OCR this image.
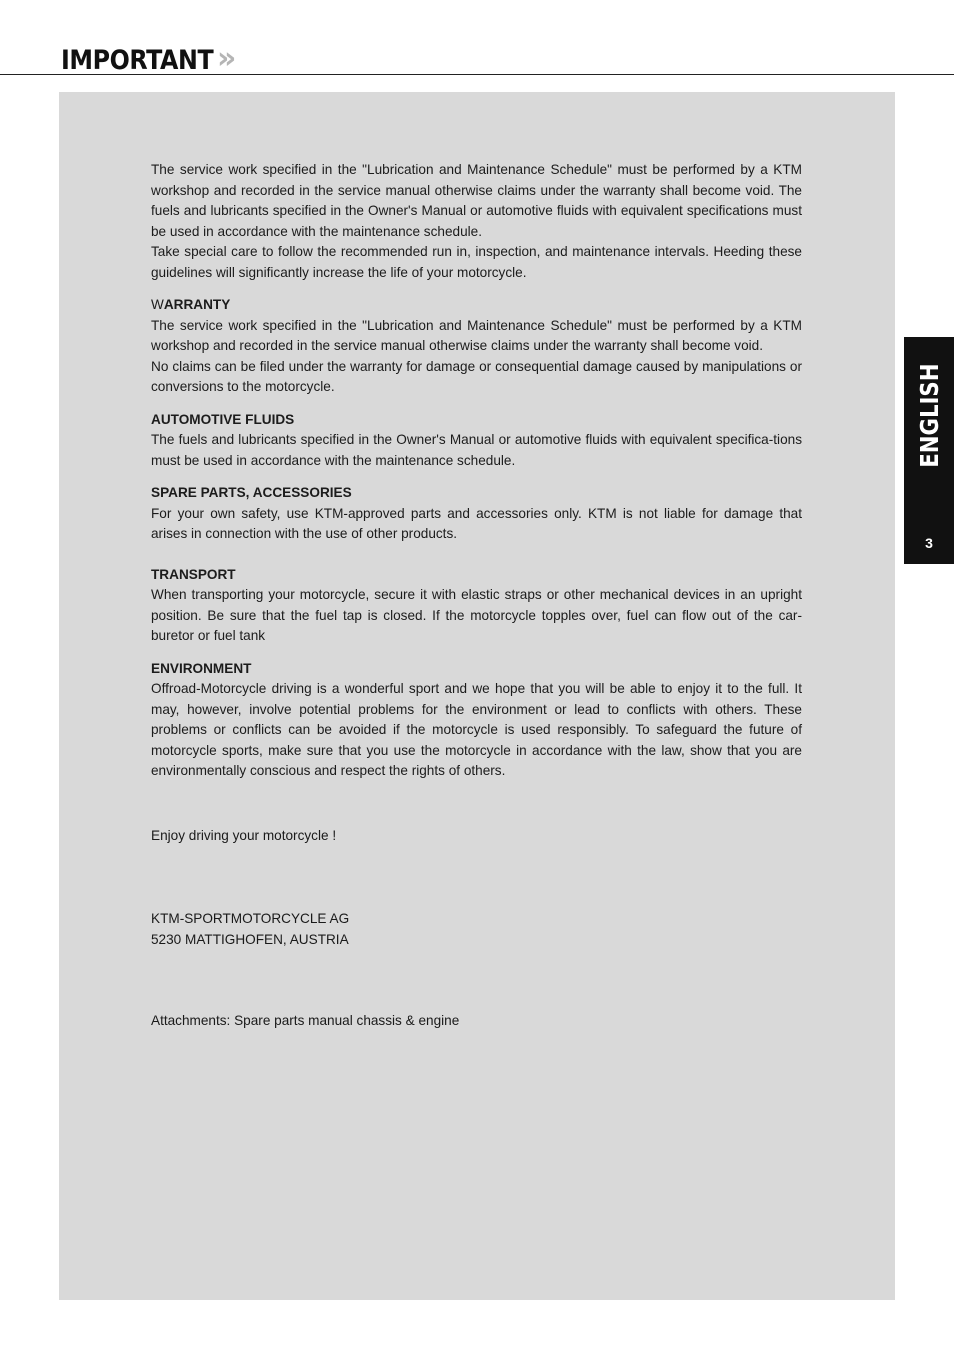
IMPORTANT »

The service work specified in the "Lubrication and Maintenance Schedule" must be performed by a KTM workshop and recorded in the service manual otherwise claims under the warranty shall become void. The fuels and lubricants specified in the Owner's Manual or automotive fluids with equivalent specifications must be used in accordance with the maintenance schedule.

Take special care to follow the recommended run in, inspection, and maintenance intervals. Heeding these guidelines will significantly increase the life of your motorcycle.

WARRANTY

The service work specified in the "Lubrication and Maintenance Schedule" must be performed by a KTM workshop and recorded in the service manual otherwise claims under the warranty shall become void.

No claims can be filed under the warranty for damage or consequential damage caused by manipulations or conversions to the motorcycle.

AUTOMOTIVE FLUIDS

The fuels and lubricants specified in the Owner's Manual or automotive fluids with equivalent specifica-tions must be used in accordance with the maintenance schedule.

SPARE PARTS, ACCESSORIES

For your own safety, use KTM-approved parts and accessories only. KTM is not liable for damage that arises in connection with the use of other products.

TRANSPORT

When transporting your motorcycle, secure it with elastic straps or other mechanical devices in an upright position. Be sure that the fuel tap is closed. If the motorcycle topples over, fuel can flow out of the car-buretor or fuel tank

ENVIRONMENT

Offroad-Motorcycle driving is a wonderful sport and we hope that you will be able to enjoy it to the full. It may, however, involve potential problems for the environment or lead to conflicts with others. These problems or conflicts can be avoided if the motorcycle is used responsibly. To safeguard the future of motorcycle sports, make sure that you use the motorcycle in accordance with the law, show that you are environmentally conscious and respect the rights of others.

Enjoy driving your motorcycle !
KTM-SPORTMOTORCYCLE AG
5230 MATTIGHOFEN, AUSTRIA
Attachments: Spare parts manual chassis & engine
ENGLISH
3
